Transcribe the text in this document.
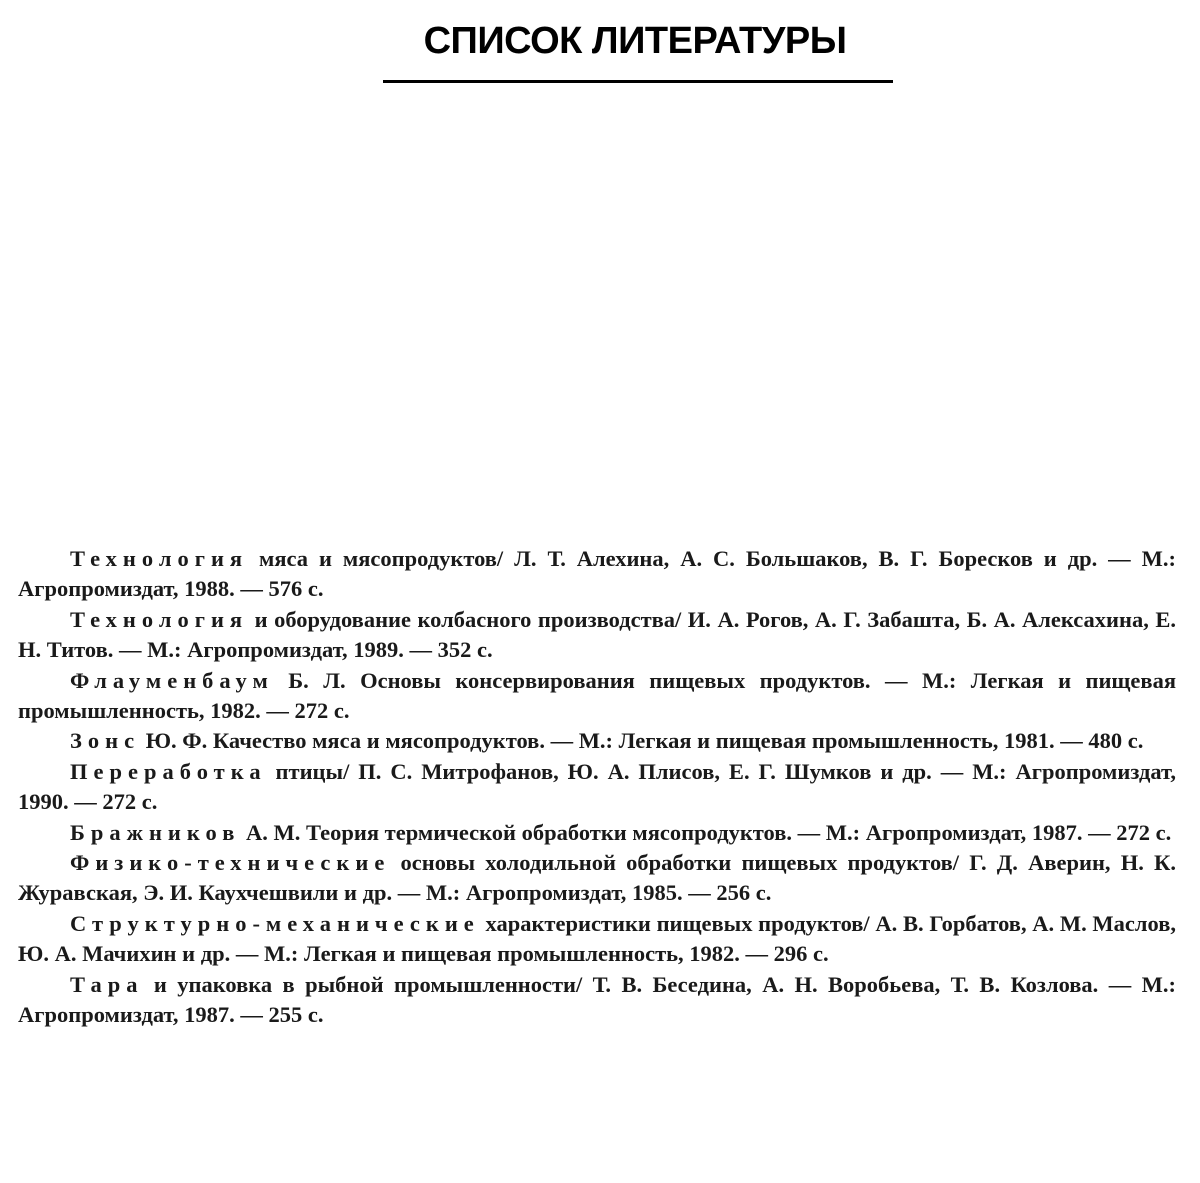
СПИСОК ЛИТЕРАТУРЫ

Технология мяса и мясопродуктов/ Л. Т. Алехина, А. С. Большаков, В. Г. Боресков и др. — М.: Агропромиздат, 1988. — 576 с.

Технология и оборудование колбасного производства/ И. А. Рогов, А. Г. Забашта, Б. А. Алексахина, Е. Н. Титов. — М.: Агропромиздат, 1989. — 352 с.

Флауменбаум Б. Л. Основы консервирования пищевых продуктов. — М.: Легкая и пищевая промышленность, 1982. — 272 с.

Зонс Ю. Ф. Качество мяса и мясопродуктов. — М.: Легкая и пищевая промышленность, 1981. — 480 с.

Переработка птицы/ П. С. Митрофанов, Ю. А. Плисов, Е. Г. Шумков и др. — М.: Агропромиздат, 1990. — 272 с.

Бражников А. М. Теория термической обработки мясопродуктов. — М.: Агропромиздат, 1987. — 272 с.

Физико-технические основы холодильной обработки пищевых продуктов/ Г. Д. Аверин, Н. К. Журавская, Э. И. Каухчешвили и др. — М.: Агропромиздат, 1985. — 256 с.

Структурно-механические характеристики пищевых продуктов/ А. В. Горбатов, А. М. Маслов, Ю. А. Мачихин и др. — М.: Легкая и пищевая промышленность, 1982. — 296 с.

Тара и упаковка в рыбной промышленности/ Т. В. Беседина, А. Н. Воробьева, Т. В. Козлова. — М.: Агропромиздат, 1987. — 255 с.
